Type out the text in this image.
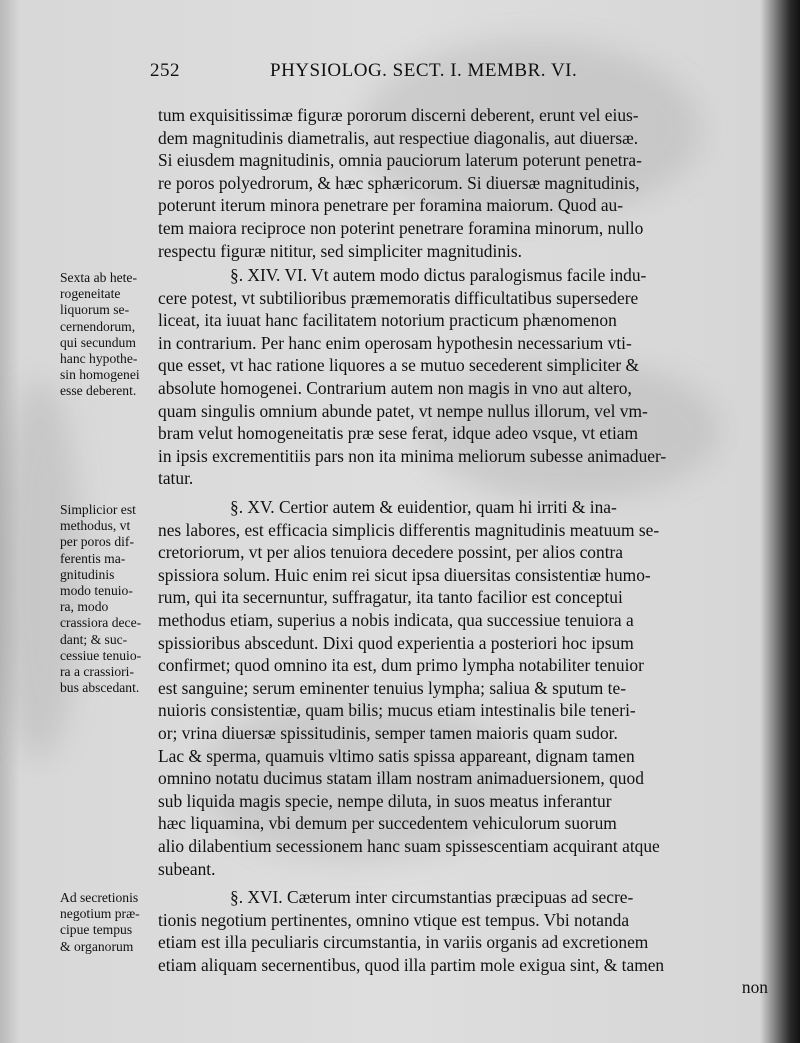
252	PHYSIOLOG. SECT. I. MEMBR. VI.
tum exquisitissimæ figuræ pororum discerni deberent, erunt vel eius-
dem magnitudinis diametralis, aut respectiue diagonalis, aut diuersæ.
Si eiusdem magnitudinis, omnia pauciorum laterum poterunt penetra-
re poros polyedrorum, & hæc sphæricorum. Si diuersæ magnitudinis,
poterunt iterum minora penetrare per foramina maiorum. Quod au-
tem maiora reciproce non poterint penetrare foramina minorum, nullo
respectu figuræ nititur, sed simpliciter magnitudinis.
Sexta ab hete-
rogeneitate
liquorum se-
cernendorum,
qui secundum
hanc hypothe-
sin homogenei
esse deberent.
§. XIV. VI. Vt autem modo dictus paralogismus facile indu-
cere potest, vt subtilioribus præmemoratis difficultatibus supersedere
liceat, ita iuuat hanc facilitatem notorium practicum phænomenon
in contrarium. Per hanc enim operosam hypothesin necessarium vti-
que esset, vt hac ratione liquores a se mutuo secederent simpliciter &
absolute homogenei. Contrarium autem non magis in vno aut altero,
quam singulis omnium abunde patet, vt nempe nullus illorum, vel vm-
bram velut homogeneitatis præ sese ferat, idque adeo vsque, vt etiam
in ipsis excrementitiis pars non ita minima meliorum subesse animaduer-
tatur.
Simplicior est
methodus, vt
per poros dif-
ferentis ma-
gnitudinis
modo tenuio-
ra, modo
crassiora dece-
dant; & suc-
cessiue tenuio-
ra a crassiori-
bus abscedant.
§. XV. Certior autem & euidentior, quam hi irriti & ina-
nes labores, est efficacia simplicis differentis magnitudinis meatuum se-
cretoriorum, vt per alios tenuiora decedere possint, per alios contra
spissiora solum. Huic enim rei sicut ipsa diuersitas consistentiæ humo-
rum, qui ita secernuntur, suffragatur, ita tanto facilior est conceptui
methodus etiam, superius a nobis indicata, qua successiue tenuiora a
spissioribus abscedunt. Dixi quod experientia a posteriori hoc ipsum
confirmet; quod omnino ita est, dum primo lympha notabiliter tenuior
est sanguine; serum eminenter tenuius lympha; saliua & sputum te-
nuioris consistentiæ, quam bilis; mucus etiam intestinalis bile teneri-
or; vrina diuersæ spissitudinis, semper tamen maioris quam sudor.
Lac & sperma, quamuis vltimo satis spissa appareant, dignam tamen
omnino notatu ducimus statam illam nostram animaduersionem, quod
sub liquida magis specie, nempe diluta, in suos meatus inferantur
hæc liquamina, vbi demum per succedentem vehiculorum suorum
alio dilabentium secessionem hanc suam spissescentiam acquirant atque
subeant.
Ad secretionis
negotium præ-
cipue tempus
& organorum
§. XVI. Cæterum inter circumstantias præcipuas ad secre-
tionis negotium pertinentes, omnino vtique est tempus. Vbi notanda
etiam est illa peculiaris circumstantia, in variis organis ad excretionem
etiam aliquam secernentibus, quod illa partim mole exigua sint, & tamen
non
